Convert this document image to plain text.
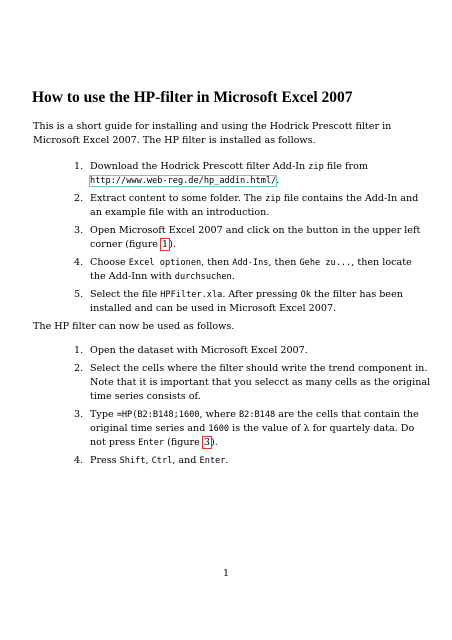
How to use the HP-filter in Microsoft Excel 2007
This is a short guide for installing and using the Hodrick Prescott filter in
Microsoft Excel 2007. The HP filter is installed as follows.
1. Download the Hodrick Prescott filter Add-In zip file from
http://www.web-reg.de/hp_addin.html/.
2. Extract content to some folder. The zip file contains the Add-In and
an example file with an introduction.
3. Open Microsoft Excel 2007 and click on the button in the upper left
corner (figure 1).
4. Choose Excel optionen, then Add-Ins, then Gehe zu..., then locate
the Add-Inn with durchsuchen.
5. Select the file HPFilter.xla. After pressing Ok the filter has been
installed and can be used in Microsoft Excel 2007.
The HP filter can now be used as follows.
1. Open the dataset with Microsoft Excel 2007.
2. Select the cells where the filter should write the trend component in.
Note that it is important that you selecct as many cells as the original
time series consists of.
3. Type =HP(B2:B148;1600, where B2:B148 are the cells that contain the
original time series and 1600 is the value of λ for quartely data. Do
not press Enter (figure 3).
4. Press Shift, Ctrl, and Enter.
1
